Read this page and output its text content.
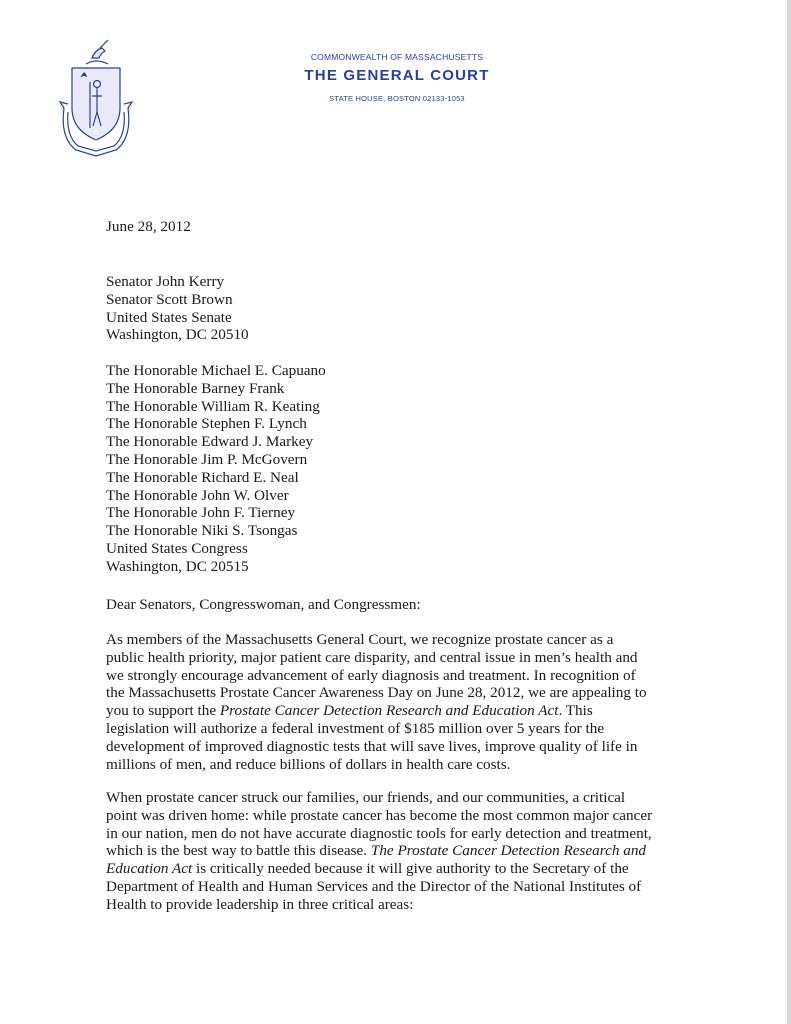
COMMONWEALTH OF MASSACHUSETTS
THE GENERAL COURT
STATE HOUSE, BOSTON 02133-1053
June 28, 2012
Senator John Kerry
Senator Scott Brown
United States Senate
Washington, DC 20510
The Honorable Michael E. Capuano
The Honorable Barney Frank
The Honorable William R. Keating
The Honorable Stephen F. Lynch
The Honorable Edward J. Markey
The Honorable Jim P. McGovern
The Honorable Richard E. Neal
The Honorable John W. Olver
The Honorable John F. Tierney
The Honorable Niki S. Tsongas
United States Congress
Washington, DC 20515
Dear Senators, Congresswoman, and Congressmen:
As members of the Massachusetts General Court, we recognize prostate cancer as a
public health priority, major patient care disparity, and central issue in men’s health and
we strongly encourage advancement of early diagnosis and treatment. In recognition of
the Massachusetts Prostate Cancer Awareness Day on June 28, 2012, we are appealing to
you to support the Prostate Cancer Detection Research and Education Act. This
legislation will authorize a federal investment of $185 million over 5 years for the
development of improved diagnostic tests that will save lives, improve quality of life in
millions of men, and reduce billions of dollars in health care costs.
When prostate cancer struck our families, our friends, and our communities, a critical
point was driven home: while prostate cancer has become the most common major cancer
in our nation, men do not have accurate diagnostic tools for early detection and treatment,
which is the best way to battle this disease. The Prostate Cancer Detection Research and
Education Act is critically needed because it will give authority to the Secretary of the
Department of Health and Human Services and the Director of the National Institutes of
Health to provide leadership in three critical areas:
